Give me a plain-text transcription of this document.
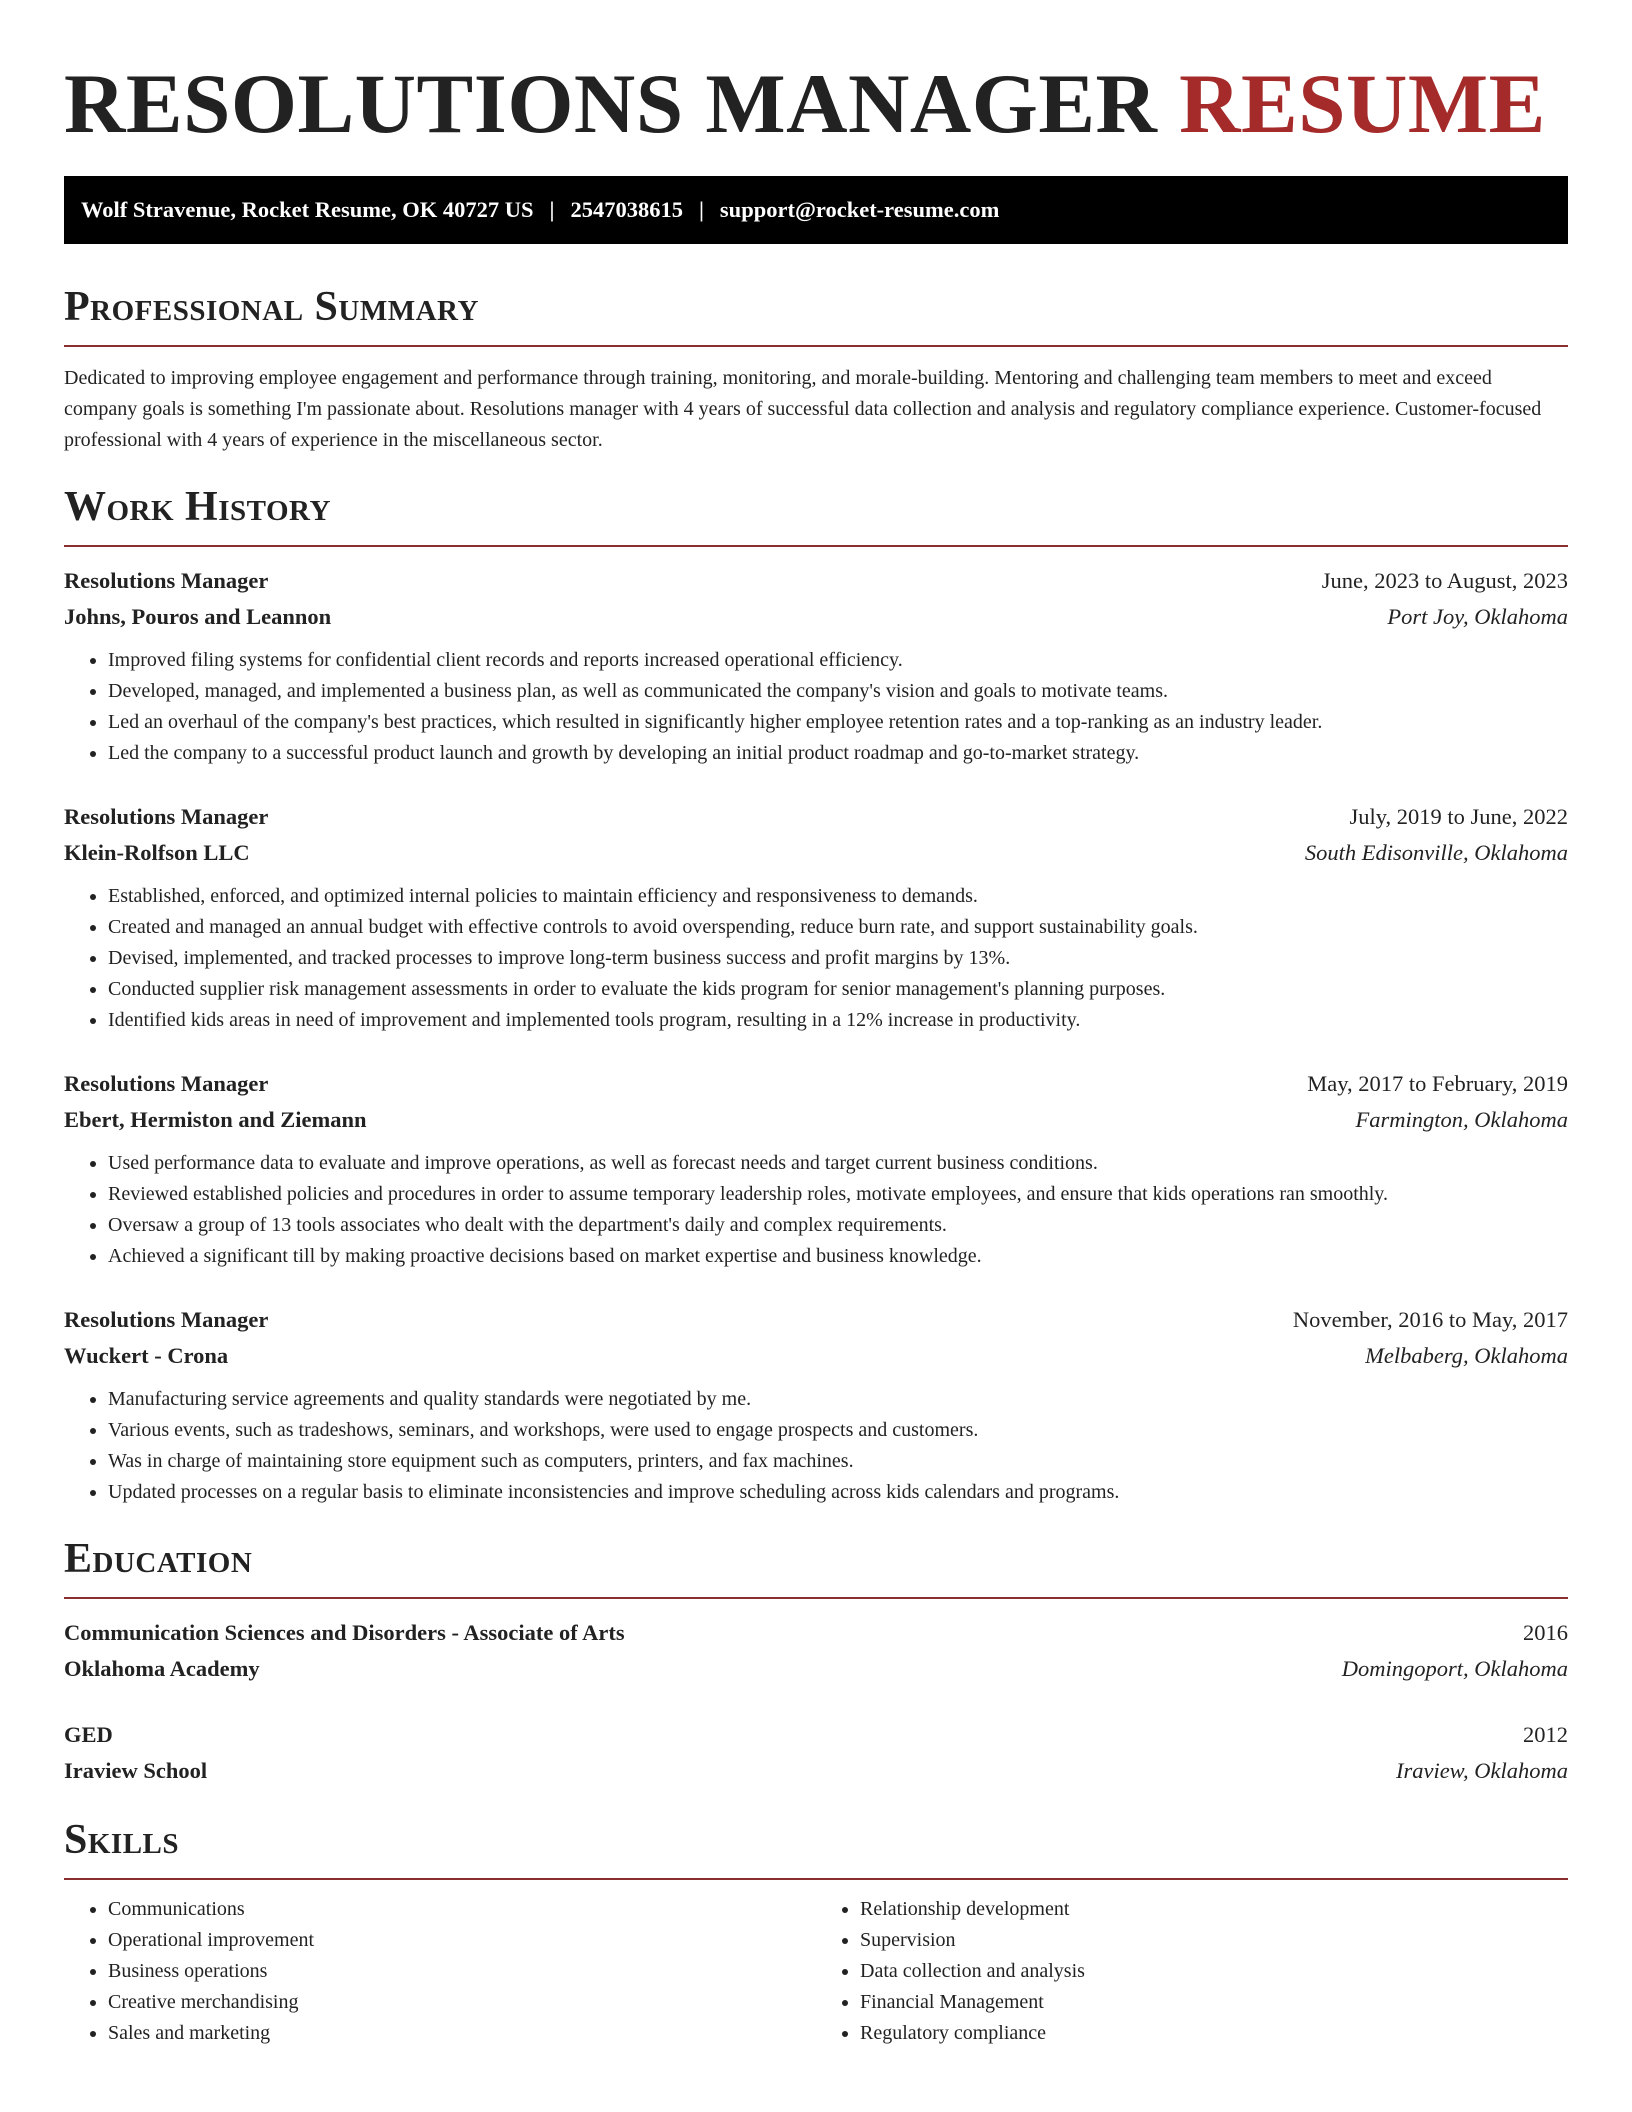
RESOLUTIONS MANAGER RESUME
Wolf Stravenue, Rocket Resume, OK 40727 US | 2547038615 | support@rocket-resume.com
Professional Summary

Dedicated to improving employee engagement and performance through training, monitoring, and morale-building. Mentoring and challenging team members to meet and exceed company goals is something I'm passionate about. Resolutions manager with 4 years of successful data collection and analysis and regulatory compliance experience. Customer-focused professional with 4 years of experience in the miscellaneous sector.

Work History
Resolutions Manager	June, 2023 to August, 2023
Johns, Pouros and Leannon	Port Joy, Oklahoma
• Improved filing systems for confidential client records and reports increased operational efficiency.
• Developed, managed, and implemented a business plan, as well as communicated the company's vision and goals to motivate teams.
• Led an overhaul of the company's best practices, which resulted in significantly higher employee retention rates and a top-ranking as an industry leader.
• Led the company to a successful product launch and growth by developing an initial product roadmap and go-to-market strategy.
Resolutions Manager	July, 2019 to June, 2022
Klein-Rolfson LLC	South Edisonville, Oklahoma
• Established, enforced, and optimized internal policies to maintain efficiency and responsiveness to demands.
• Created and managed an annual budget with effective controls to avoid overspending, reduce burn rate, and support sustainability goals.
• Devised, implemented, and tracked processes to improve long-term business success and profit margins by 13%.
• Conducted supplier risk management assessments in order to evaluate the kids program for senior management's planning purposes.
• Identified kids areas in need of improvement and implemented tools program, resulting in a 12% increase in productivity.
Resolutions Manager	May, 2017 to February, 2019
Ebert, Hermiston and Ziemann	Farmington, Oklahoma
• Used performance data to evaluate and improve operations, as well as forecast needs and target current business conditions.
• Reviewed established policies and procedures in order to assume temporary leadership roles, motivate employees, and ensure that kids operations ran smoothly.
• Oversaw a group of 13 tools associates who dealt with the department's daily and complex requirements.
• Achieved a significant till by making proactive decisions based on market expertise and business knowledge.
Resolutions Manager	November, 2016 to May, 2017
Wuckert - Crona	Melbaberg, Oklahoma
• Manufacturing service agreements and quality standards were negotiated by me.
• Various events, such as tradeshows, seminars, and workshops, were used to engage prospects and customers.
• Was in charge of maintaining store equipment such as computers, printers, and fax machines.
• Updated processes on a regular basis to eliminate inconsistencies and improve scheduling across kids calendars and programs.
Education
Communication Sciences and Disorders - Associate of Arts	2016
Oklahoma Academy	Domingoport, Oklahoma
GED	2012
Iraview School	Iraview, Oklahoma
Skills
• Communications
• Operational improvement
• Business operations
• Creative merchandising
• Sales and marketing
• Relationship development
• Supervision
• Data collection and analysis
• Financial Management
• Regulatory compliance
